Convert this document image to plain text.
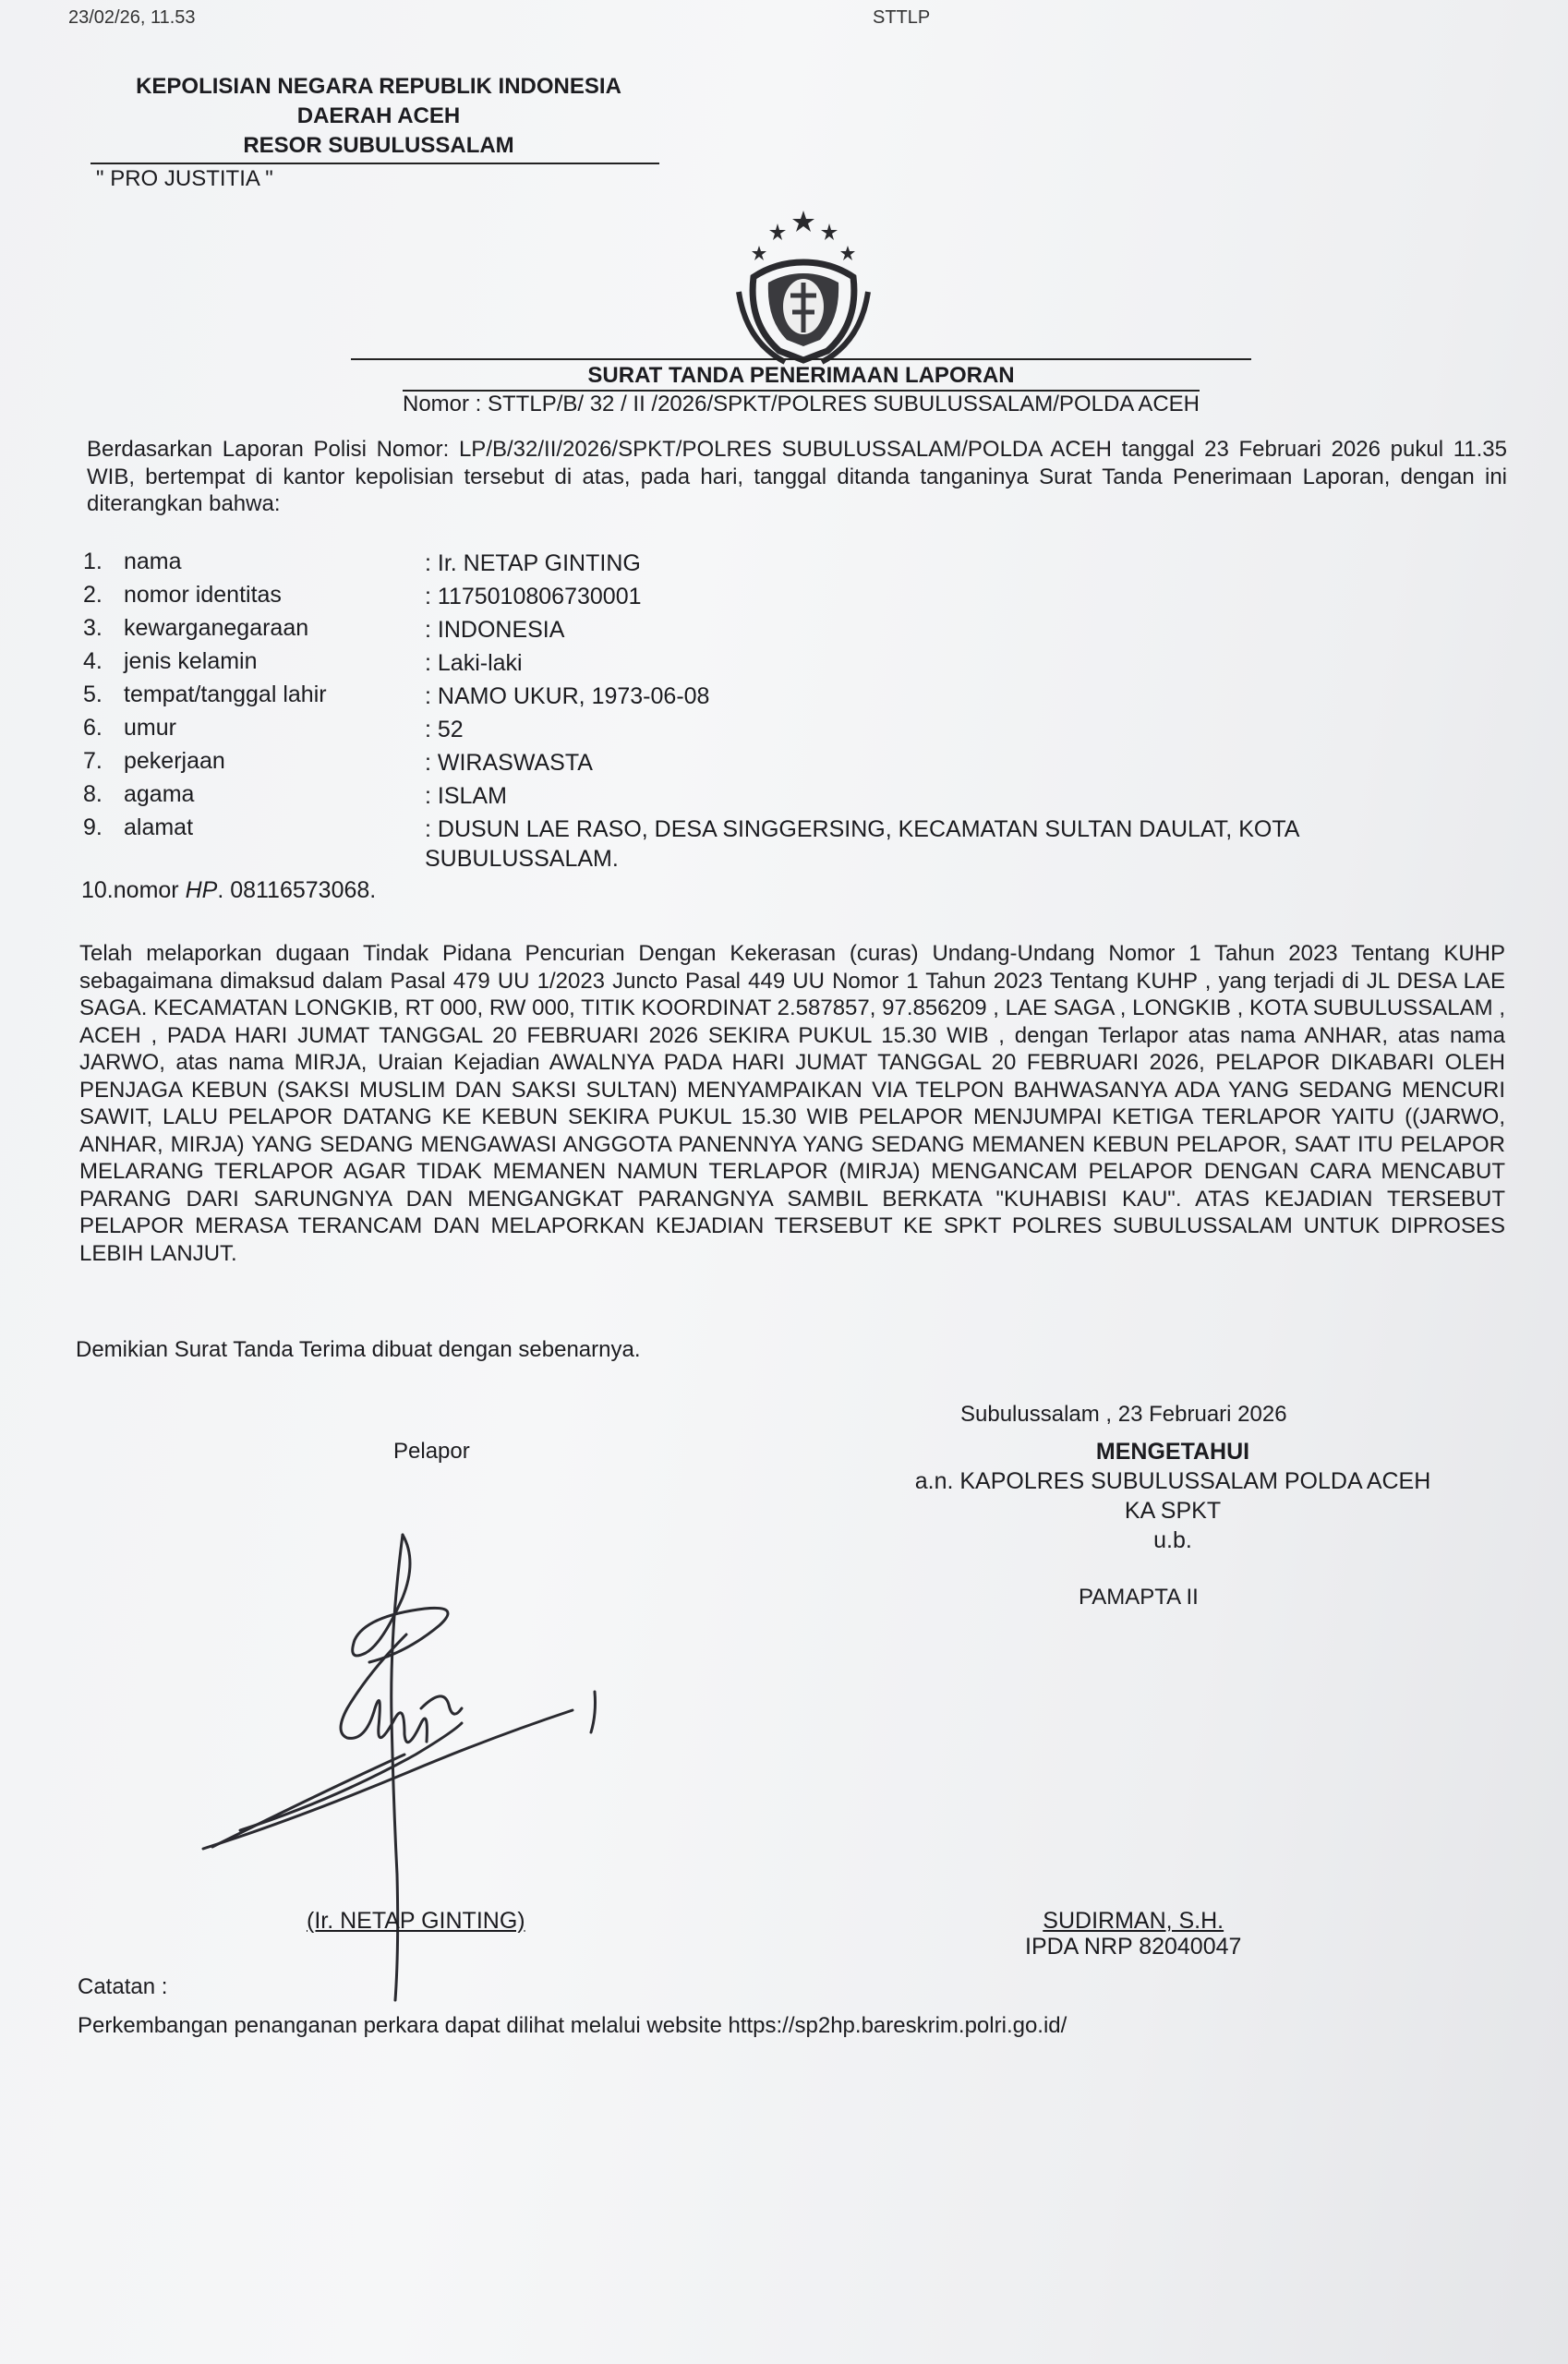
23/02/26, 11.53	STTLP
KEPOLISIAN NEGARA REPUBLIK INDONESIA
DAERAH ACEH
RESOR SUBULUSSALAM
" PRO JUSTITIA "
SURAT TANDA PENERIMAAN LAPORAN
Nomor : STTLP/B/ 32 / II /2026/SPKT/POLRES SUBULUSSALAM/POLDA ACEH
Berdasarkan Laporan Polisi Nomor: LP/B/32/II/2026/SPKT/POLRES SUBULUSSALAM/POLDA ACEH tanggal 23 Februari 2026 pukul 11.35 WIB, bertempat di kantor kepolisian tersebut di atas, pada hari, tanggal ditanda tanganinya Surat Tanda Penerimaan Laporan, dengan ini diterangkan bahwa:
1. nama	: Ir. NETAP GINTING
2. nomor identitas	: 1175010806730001
3. kewarganegaraan	: INDONESIA
4. jenis kelamin	: Laki-laki
5. tempat/tanggal lahir	: NAMO UKUR, 1973-06-08
6. umur	: 52
7. pekerjaan	: WIRASWASTA
8. agama	: ISLAM
9. alamat	: DUSUN LAE RASO, DESA SINGGERSING, KECAMATAN SULTAN DAULAT, KOTA SUBULUSSALAM.
10.nomor HP. 08116573068.
Telah melaporkan dugaan Tindak Pidana Pencurian Dengan Kekerasan (curas) Undang-Undang Nomor 1 Tahun 2023 Tentang KUHP sebagaimana dimaksud dalam Pasal 479 UU 1/2023 Juncto Pasal 449 UU Nomor 1 Tahun 2023 Tentang KUHP , yang terjadi di JL DESA LAE SAGA. KECAMATAN LONGKIB, RT 000, RW 000, TITIK KOORDINAT 2.587857, 97.856209 , LAE SAGA , LONGKIB , KOTA SUBULUSSALAM , ACEH , PADA HARI JUMAT TANGGAL 20 FEBRUARI 2026 SEKIRA PUKUL 15.30 WIB , dengan Terlapor atas nama ANHAR, atas nama JARWO, atas nama MIRJA, Uraian Kejadian AWALNYA PADA HARI JUMAT TANGGAL 20 FEBRUARI 2026, PELAPOR DIKABARI OLEH PENJAGA KEBUN (SAKSI MUSLIM DAN SAKSI SULTAN) MENYAMPAIKAN VIA TELPON BAHWASANYA ADA YANG SEDANG MENCURI SAWIT, LALU PELAPOR DATANG KE KEBUN SEKIRA PUKUL 15.30 WIB PELAPOR MENJUMPAI KETIGA TERLAPOR YAITU ((JARWO, ANHAR, MIRJA) YANG SEDANG MENGAWASI ANGGOTA PANENNYA YANG SEDANG MEMANEN KEBUN PELAPOR, SAAT ITU PELAPOR MELARANG TERLAPOR AGAR TIDAK MEMANEN NAMUN TERLAPOR (MIRJA) MENGANCAM PELAPOR DENGAN CARA MENCABUT PARANG DARI SARUNGNYA DAN MENGANGKAT PARANGNYA SAMBIL BERKATA "KUHABISI KAU". ATAS KEJADIAN TERSEBUT PELAPOR MERASA TERANCAM DAN MELAPORKAN KEJADIAN TERSEBUT KE SPKT POLRES SUBULUSSALAM UNTUK DIPROSES LEBIH LANJUT.
Demikian Surat Tanda Terima dibuat dengan sebenarnya.
Subulussalam , 23 Februari 2026
Pelapor	MENGETAHUI
a.n. KAPOLRES SUBULUSSALAM POLDA ACEH
KA SPKT
u.b.
PAMAPTA II
(Ir. NETAP GINTING)	SUDIRMAN, S.H.
IPDA NRP 82040047
Catatan :
Perkembangan penanganan perkara dapat dilihat melalui website https://sp2hp.bareskrim.polri.go.id/
